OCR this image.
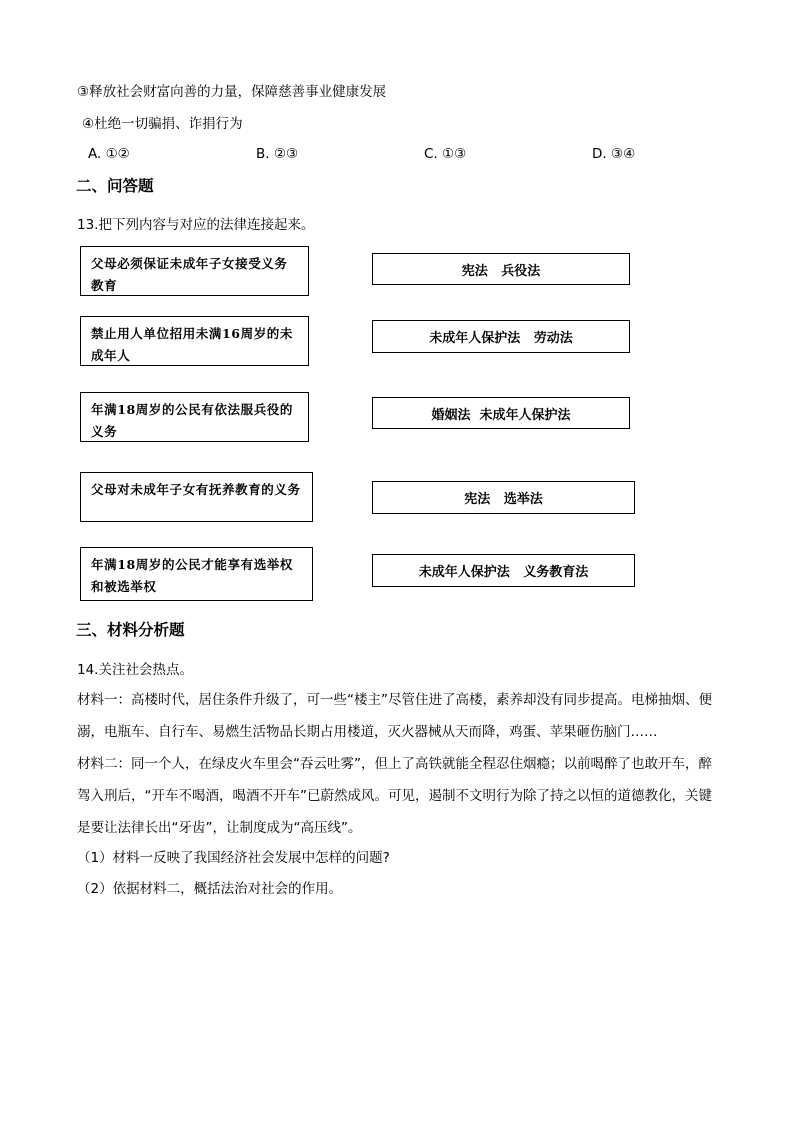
③释放社会财富向善的力量，保障慈善事业健康发展
④杜绝一切骗捐、诈捐行为
A. ①②	B. ②③	C. ①③	D. ③④
二、问答题
13.把下列内容与对应的法律连接起来。
父母必须保证未成年子女接受义务教育
禁止用人单位招用未满16周岁的未成年人
年满18周岁的公民有依法服兵役的义务
父母对未成年子女有抚养教育的义务
年满18周岁的公民才能享有选举权和被选举权
宪法   兵役法
未成年人保护法   劳动法
婚姻法  未成年人保护法
宪法   选举法
未成年人保护法   义务教育法
三、材料分析题
14.关注社会热点。
材料一：高楼时代，居住条件升级了，可一些“楼主”尽管住进了高楼，素养却没有同步提高。电梯抽烟、便溺，电瓶车、自行车、易燃生活物品长期占用楼道，灭火器械从天而降，鸡蛋、苹果砸伤脑门……
材料二：同一个人，在绿皮火车里会“吞云吐雾”，但上了高铁就能全程忍住烟瘾；以前喝醉了也敢开车，醉驾入刑后，“开车不喝酒，喝酒不开车”已蔚然成风。可见，遏制不文明行为除了持之以恒的道德教化，关键是要让法律长出“牙齿”，让制度成为“高压线”。
（1）材料一反映了我国经济社会发展中怎样的问题?
（2）依据材料二，概括法治对社会的作用。
